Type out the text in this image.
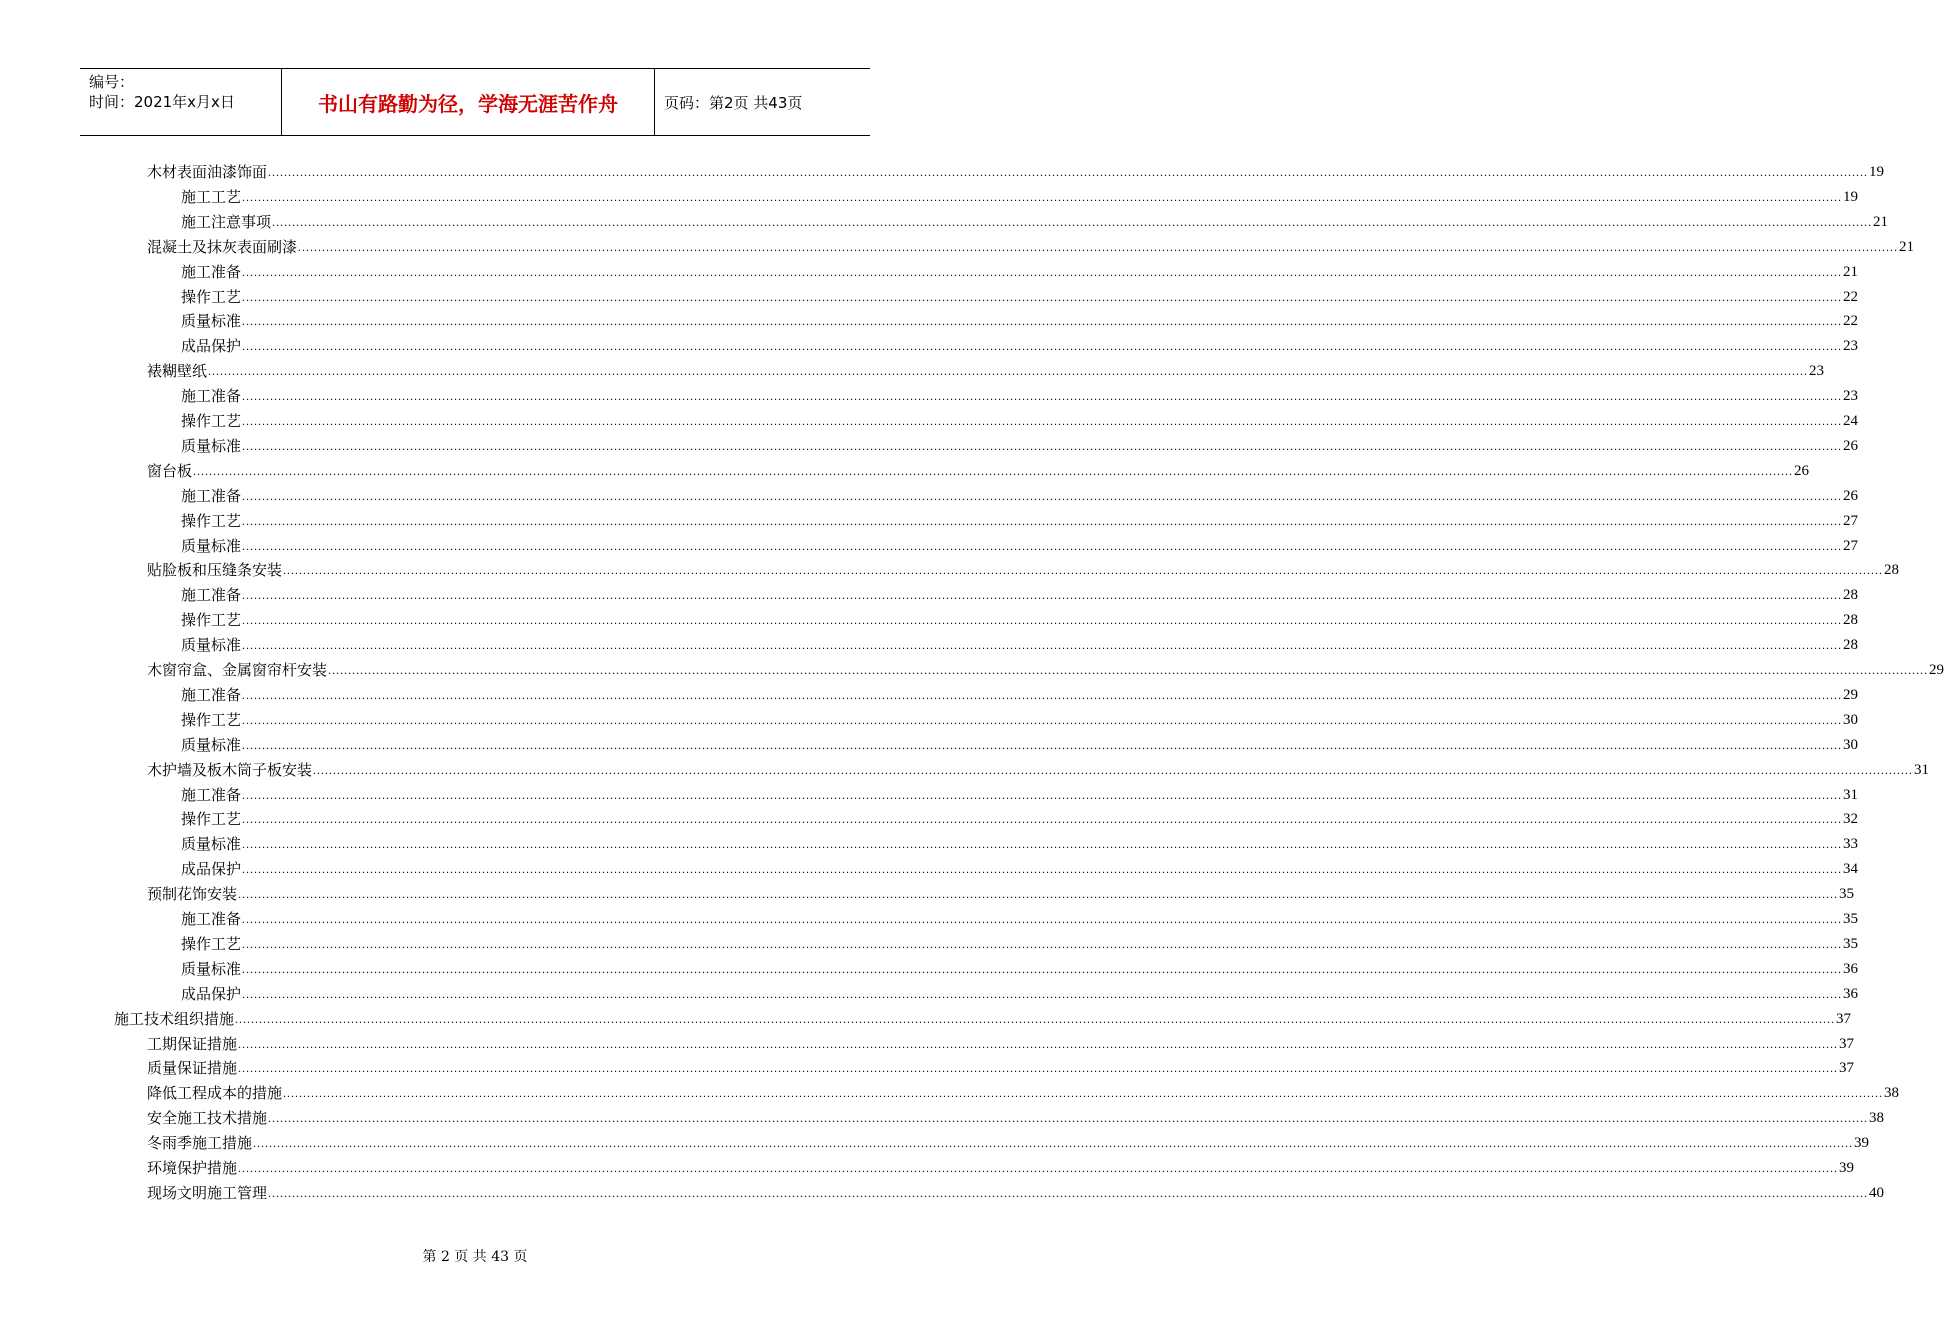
编号：
时间：2021年x月x日	书山有路勤为径，学海无涯苦作舟	页码：第2页 共43页
木材表面油漆饰面 ................................................................................................................................................................................................................................................................................................................................................................................................................ 19
施工工艺 ................................................................................................................................................................................................................................................................................................................................................................................................................ 19
施工注意事项 ................................................................................................................................................................................................................................................................................................................................................................................................................ 21
混凝土及抹灰表面刷漆 ................................................................................................................................................................................................................................................................................................................................................................................................................ 21
施工准备 ................................................................................................................................................................................................................................................................................................................................................................................................................ 21
操作工艺 ................................................................................................................................................................................................................................................................................................................................................................................................................ 22
质量标准 ................................................................................................................................................................................................................................................................................................................................................................................................................ 22
成品保护 ................................................................................................................................................................................................................................................................................................................................................................................................................ 23
裱糊壁纸 ................................................................................................................................................................................................................................................................................................................................................................................................................ 23
施工准备 ................................................................................................................................................................................................................................................................................................................................................................................................................ 23
操作工艺 ................................................................................................................................................................................................................................................................................................................................................................................................................ 24
质量标准 ................................................................................................................................................................................................................................................................................................................................................................................................................ 26
窗台板 ................................................................................................................................................................................................................................................................................................................................................................................................................ 26
施工准备 ................................................................................................................................................................................................................................................................................................................................................................................................................ 26
操作工艺 ................................................................................................................................................................................................................................................................................................................................................................................................................ 27
质量标准 ................................................................................................................................................................................................................................................................................................................................................................................................................ 27
贴脸板和压缝条安装 ................................................................................................................................................................................................................................................................................................................................................................................................................ 28
施工准备 ................................................................................................................................................................................................................................................................................................................................................................................................................ 28
操作工艺 ................................................................................................................................................................................................................................................................................................................................................................................................................ 28
质量标准 ................................................................................................................................................................................................................................................................................................................................................................................................................ 28
木窗帘盒、金属窗帘杆安装 ................................................................................................................................................................................................................................................................................................................................................................................................................ 29
施工准备 ................................................................................................................................................................................................................................................................................................................................................................................................................ 29
操作工艺 ................................................................................................................................................................................................................................................................................................................................................................................................................ 30
质量标准 ................................................................................................................................................................................................................................................................................................................................................................................................................ 30
木护墙及板木筒子板安装 ................................................................................................................................................................................................................................................................................................................................................................................................................ 31
施工准备 ................................................................................................................................................................................................................................................................................................................................................................................................................ 31
操作工艺 ................................................................................................................................................................................................................................................................................................................................................................................................................ 32
质量标准 ................................................................................................................................................................................................................................................................................................................................................................................................................ 33
成品保护 ................................................................................................................................................................................................................................................................................................................................................................................................................ 34
预制花饰安装 ................................................................................................................................................................................................................................................................................................................................................................................................................ 35
施工准备 ................................................................................................................................................................................................................................................................................................................................................................................................................ 35
操作工艺 ................................................................................................................................................................................................................................................................................................................................................................................................................ 35
质量标准 ................................................................................................................................................................................................................................................................................................................................................................................................................ 36
成品保护 ................................................................................................................................................................................................................................................................................................................................................................................................................ 36
施工技术组织措施 ................................................................................................................................................................................................................................................................................................................................................................................................................ 37
工期保证措施 ................................................................................................................................................................................................................................................................................................................................................................................................................ 37
质量保证措施 ................................................................................................................................................................................................................................................................................................................................................................................................................ 37
降低工程成本的措施 ................................................................................................................................................................................................................................................................................................................................................................................................................ 38
安全施工技术措施 ................................................................................................................................................................................................................................................................................................................................................................................................................ 38
冬雨季施工措施 ................................................................................................................................................................................................................................................................................................................................................................................................................ 39
环境保护措施 ................................................................................................................................................................................................................................................................................................................................................................................................................ 39
现场文明施工管理 ................................................................................................................................................................................................................................................................................................................................................................................................................ 40
第 2 页 共 43 页
